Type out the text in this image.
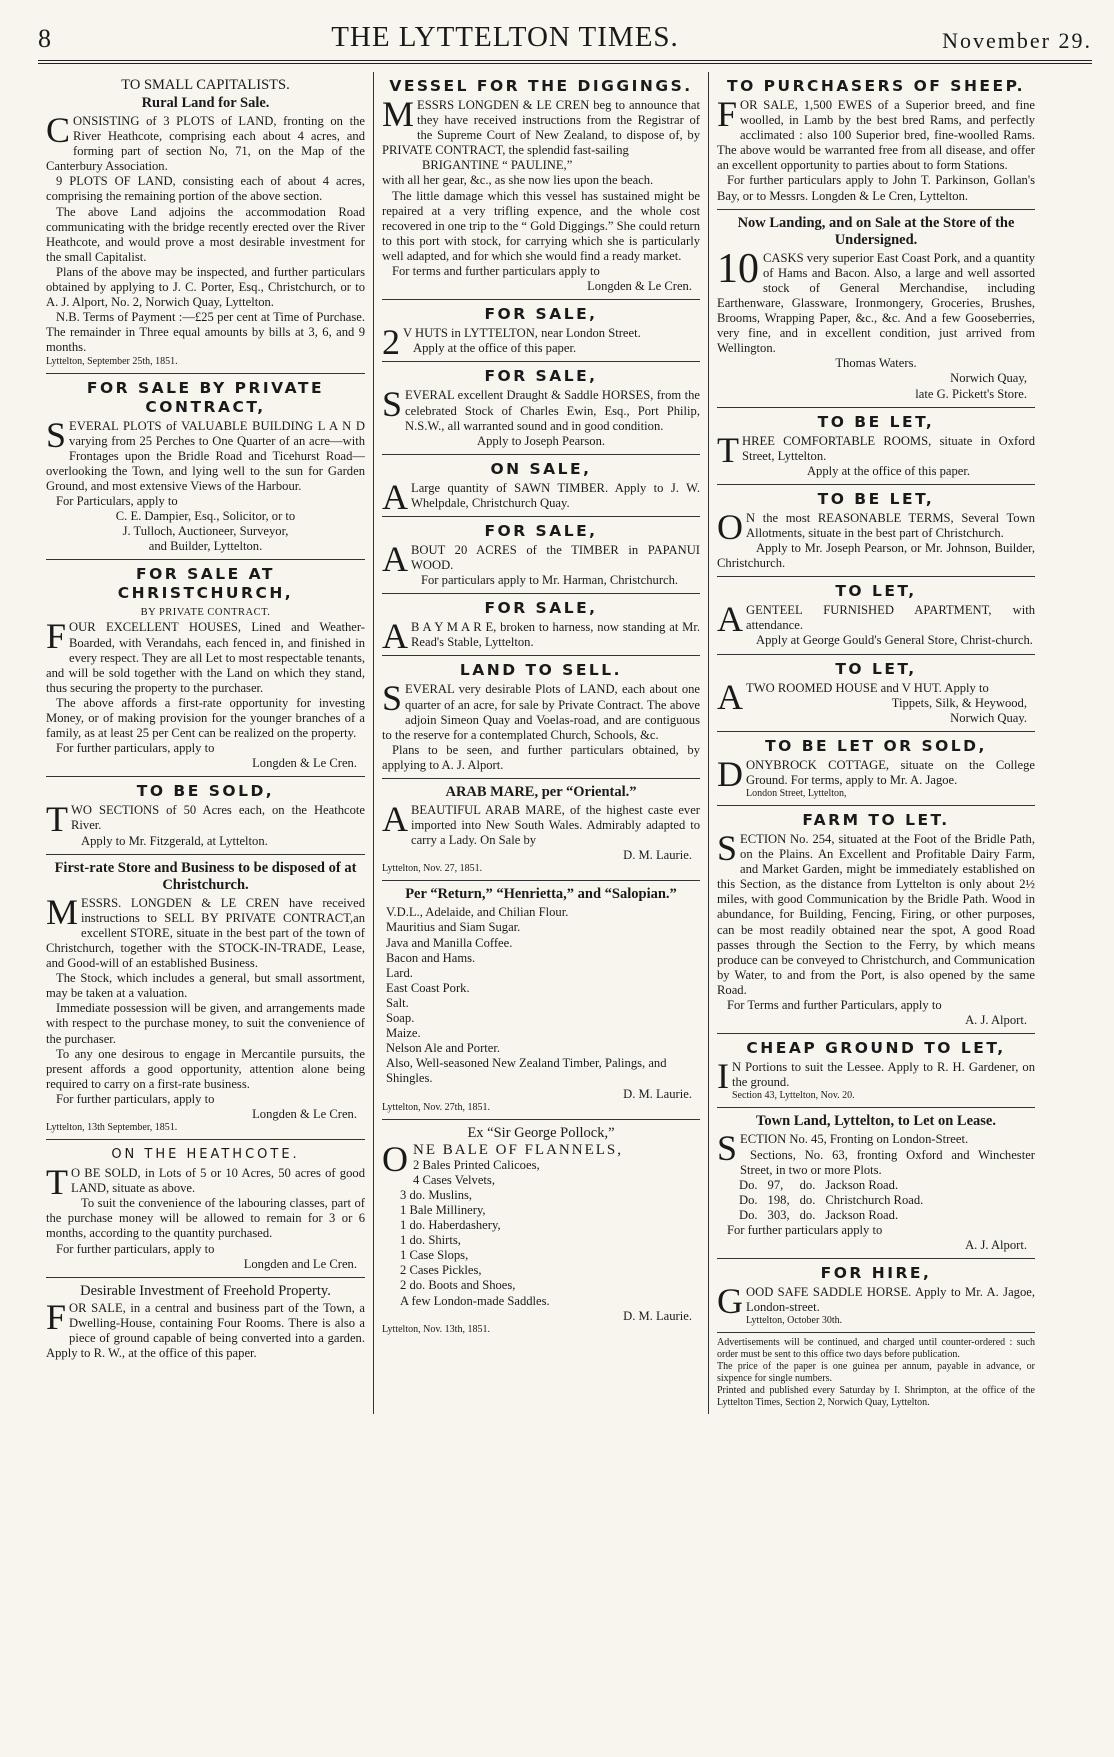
8	THE LYTTELTON TIMES.	November 29.
TO SMALL CAPITALISTS.
Rural Land for Sale.

CONSISTING of 3 PLOTS of LAND, fronting on the River Heathcote, comprising each about 4 acres, and forming part of section No, 71, on the Map of the Canterbury Association.

9 PLOTS OF LAND, consisting each of about 4 acres, comprising the remaining portion of the above section.

The above Land adjoins the accommodation Road communicating with the bridge recently erected over the River Heathcote, and would prove a most desirable investment for the small Capitalist.

Plans of the above may be inspected, and further particulars obtained by applying to J. C. Porter, Esq., Christchurch, or to A. J. Alport, No. 2, Norwich Quay, Lyttelton.

N.B. Terms of Payment :—£25 per cent at Time of Purchase. The remainder in Three equal amounts by bills at 3, 6, and 9 months.

Lyttelton, September 25th, 1851.
FOR SALE BY PRIVATE CONTRACT,

SEVERAL PLOTS of VALUABLE BUILDING L A N D varying from 25 Perches to One Quarter of an acre—with Frontages upon the Bridle Road and Ticehurst Road—overlooking the Town, and lying well to the sun for Garden Ground, and most extensive Views of the Harbour.

For Particulars, apply to

C. E. Dampier, Esq., Solicitor, or to
J. Tulloch, Auctioneer, Surveyor,
and Builder, Lyttelton.
FOR SALE AT CHRISTCHURCH,
BY PRIVATE CONTRACT.

FOUR EXCELLENT HOUSES, Lined and Weather-Boarded, with Verandahs, each fenced in, and finished in every respect. They are all Let to most respectable tenants, and will be sold together with the Land on which they stand, thus securing the property to the purchaser.

The above affords a first-rate opportunity for investing Money, or of making provision for the younger branches of a family, as at least 25 per Cent can be realized on the property.

For further particulars, apply to

Longden & Le Cren.
TO BE SOLD,

TWO SECTIONS of 50 Acres each, on the Heathcote River.

Apply to Mr. Fitzgerald, at Lyttelton.

First-rate Store and Business to be disposed of at Christchurch.

MESSRS. LONGDEN & LE CREN have received instructions to SELL BY PRIVATE CONTRACT,an excellent STORE, situate in the best part of the town of Christchurch, together with the STOCK-IN-TRADE, Lease, and Good-will of an established Business.

The Stock, which includes a general, but small assortment, may be taken at a valuation.

Immediate possession will be given, and arrangements made with respect to the purchase money, to suit the convenience of the purchaser.

To any one desirous to engage in Mercantile pursuits, the present affords a good opportunity, attention alone being required to carry on a first-rate business.

For further particulars, apply to

Longden & Le Cren.
Lyttelton, 13th September, 1851.
ON THE HEATHCOTE.

T O BE SOLD, in Lots of 5 or 10 Acres, 50 acres of good LAND, situate as above.

To suit the convenience of the labouring classes, part of the purchase money will be allowed to remain for 3 or 6 months, according to the quantity purchased.

For further particulars, apply to

Longden and Le Cren.
Desirable Investment of Freehold Property.

FOR SALE, in a central and business part of the Town, a Dwelling-House, containing Four Rooms. There is also a piece of ground capable of being converted into a garden. Apply to R. W., at the office of this paper.

VESSEL FOR THE DIGGINGS.

MESSRS LONGDEN & LE CREN beg to announce that they have received instructions from the Registrar of the Supreme Court of New Zealand, to dispose of, by PRIVATE CONTRACT, the splendid fast-sailing

BRIGANTINE “ PAULINE,”

with all her gear, &c., as she now lies upon the beach.

The little damage which this vessel has sustained might be repaired at a very trifling expence, and the whole cost recovered in one trip to the “ Gold Diggings.” She could return to this port with stock, for carrying which she is particularly well adapted, and for which she would find a ready market.

For terms and further particulars apply to

Longden & Le Cren.
FOR SALE,

2 V HUTS in LYTTELTON, near London Street.

Apply at the office of this paper.

FOR SALE,

SEVERAL excellent Draught & Saddle HORSES, from the celebrated Stock of Charles Ewin, Esq., Port Philip, N.S.W., all warranted sound and in good condition.

Apply to Joseph Pearson.
ON SALE,

A Large quantity of SAWN TIMBER. Apply to J. W. Whelpdale, Christchurch Quay.

FOR SALE,

ABOUT 20 ACRES of the TIMBER in PAPANUI WOOD.

For particulars apply to Mr. Harman, Christchurch.

FOR SALE,

A B A Y M A R E, broken to harness, now standing at Mr. Read's Stable, Lyttelton.

LAND TO SELL.

SEVERAL very desirable Plots of LAND, each about one quarter of an acre, for sale by Private Contract. The above adjoin Simeon Quay and Voelas-road, and are contiguous to the reserve for a contemplated Church, Schools, &c.

Plans to be seen, and further particulars obtained, by applying to A. J. Alport.

ARAB MARE, per “Oriental.”

ABEAUTIFUL ARAB MARE, of the highest caste ever imported into New South Wales. Admirably adapted to carry a Lady. On Sale by

D. M. Laurie.
Lyttelton, Nov. 27, 1851.
Per “Return,” “Henrietta,” and “Salopian.”
V.D.L., Adelaide, and Chilian Flour.
Mauritius and Siam Sugar.
Java and Manilla Coffee.
Bacon and Hams.
Lard.
East Coast Pork.
Salt.
Soap.
Maize.
Nelson Ale and Porter.
Also, Well-seasoned New Zealand Timber, Palings, and Shingles.
D. M. Laurie.
Lyttelton, Nov. 27th, 1851.
Ex “Sir George Pollock,”

ONE BALE OF FLANNELS,

2 Bales Printed Calicoes,
4 Cases Velvets,
3 do. Muslins,
1 Bale Millinery,
1 do. Haberdashery,
1 do. Shirts,
1 Case Slops,
2 Cases Pickles,
2 do. Boots and Shoes,
A few London-made Saddles.
D. M. Laurie.
Lyttelton, Nov. 13th, 1851.
TO PURCHASERS OF SHEEP.

FOR SALE, 1,500 EWES of a Superior breed, and fine woolled, in Lamb by the best bred Rams, and perfectly acclimated : also 100 Superior bred, fine-woolled Rams. The above would be warranted free from all disease, and offer an excellent opportunity to parties about to form Stations.

For further particulars apply to John T. Parkinson, Gollan's Bay, or to Messrs. Longden & Le Cren, Lyttelton.

Now Landing, and on Sale at the Store of the Undersigned.

10 CASKS very superior East Coast Pork, and a quantity of Hams and Bacon. Also, a large and well assorted stock of General Merchandise, including Earthenware, Glassware, Ironmongery, Groceries, Brushes, Brooms, Wrapping Paper, &c., &c. And a few Gooseberries, very fine, and in excellent condition, just arrived from Wellington.

Thomas Waters.
Norwich Quay,
late G. Pickett's Store.
TO BE LET,

THREE COMFORTABLE ROOMS, situate in Oxford Street, Lyttelton.

Apply at the office of this paper.
TO BE LET,

O N the most REASONABLE TERMS, Several Town Allotments, situate in the best part of Christchurch.

Apply to Mr. Joseph Pearson, or Mr. Johnson, Builder, Christchurch.

TO LET,

AGENTEEL FURNISHED APARTMENT, with attendance.

Apply at George Gould's General Store, Christ-church.

TO LET,

ATWO ROOMED HOUSE and V HUT. Apply to

Tippets, Silk, & Heywood,
Norwich Quay.
TO BE LET OR SOLD,

DONYBROCK COTTAGE, situate on the College Ground. For terms, apply to Mr. A. Jagoe.

London Street, Lyttelton,
FARM TO LET.

SECTION No. 254, situated at the Foot of the Bridle Path, on the Plains. An Excellent and Profitable Dairy Farm, and Market Garden, might be immediately established on this Section, as the distance from Lyttelton is only about 2½ miles, with good Communication by the Bridle Path. Wood in abundance, for Building, Fencing, Firing, or other purposes, can be most readily obtained near the spot, A good Road passes through the Section to the Ferry, by which means produce can be conveyed to Christchurch, and Communication by Water, to and from the Port, is also opened by the same Road.

For Terms and further Particulars, apply to

A. J. Alport.
CHEAP GROUND TO LET,

I N Portions to suit the Lessee. Apply to R. H. Gardener, on the ground.

Section 43, Lyttelton, Nov. 20.
Town Land, Lyttelton, to Let on Lease.

SECTION No. 45, Fronting on London-Street.

Sections, No. 63, fronting Oxford and Winchester Street, in two or more Plots.

Do.	97,	do.	Jackson Road.
Do.	198,	do.	Christchurch Road.
Do.	303,	do.	Jackson Road.

For further particulars apply to

A. J. Alport.
FOR HIRE,

GOOD SAFE SADDLE HORSE. Apply to Mr. A. Jagoe, London-street.

Lyttelton, October 30th.
Advertisements will be continued, and charged until counter-ordered : such order must be sent to this office two days before publication.
The price of the paper is one guinea per annum, payable in advance, or sixpence for single numbers.
Printed and published every Saturday by I. Shrimpton, at the office of the Lyttelton Times, Section 2, Norwich Quay, Lyttelton.
